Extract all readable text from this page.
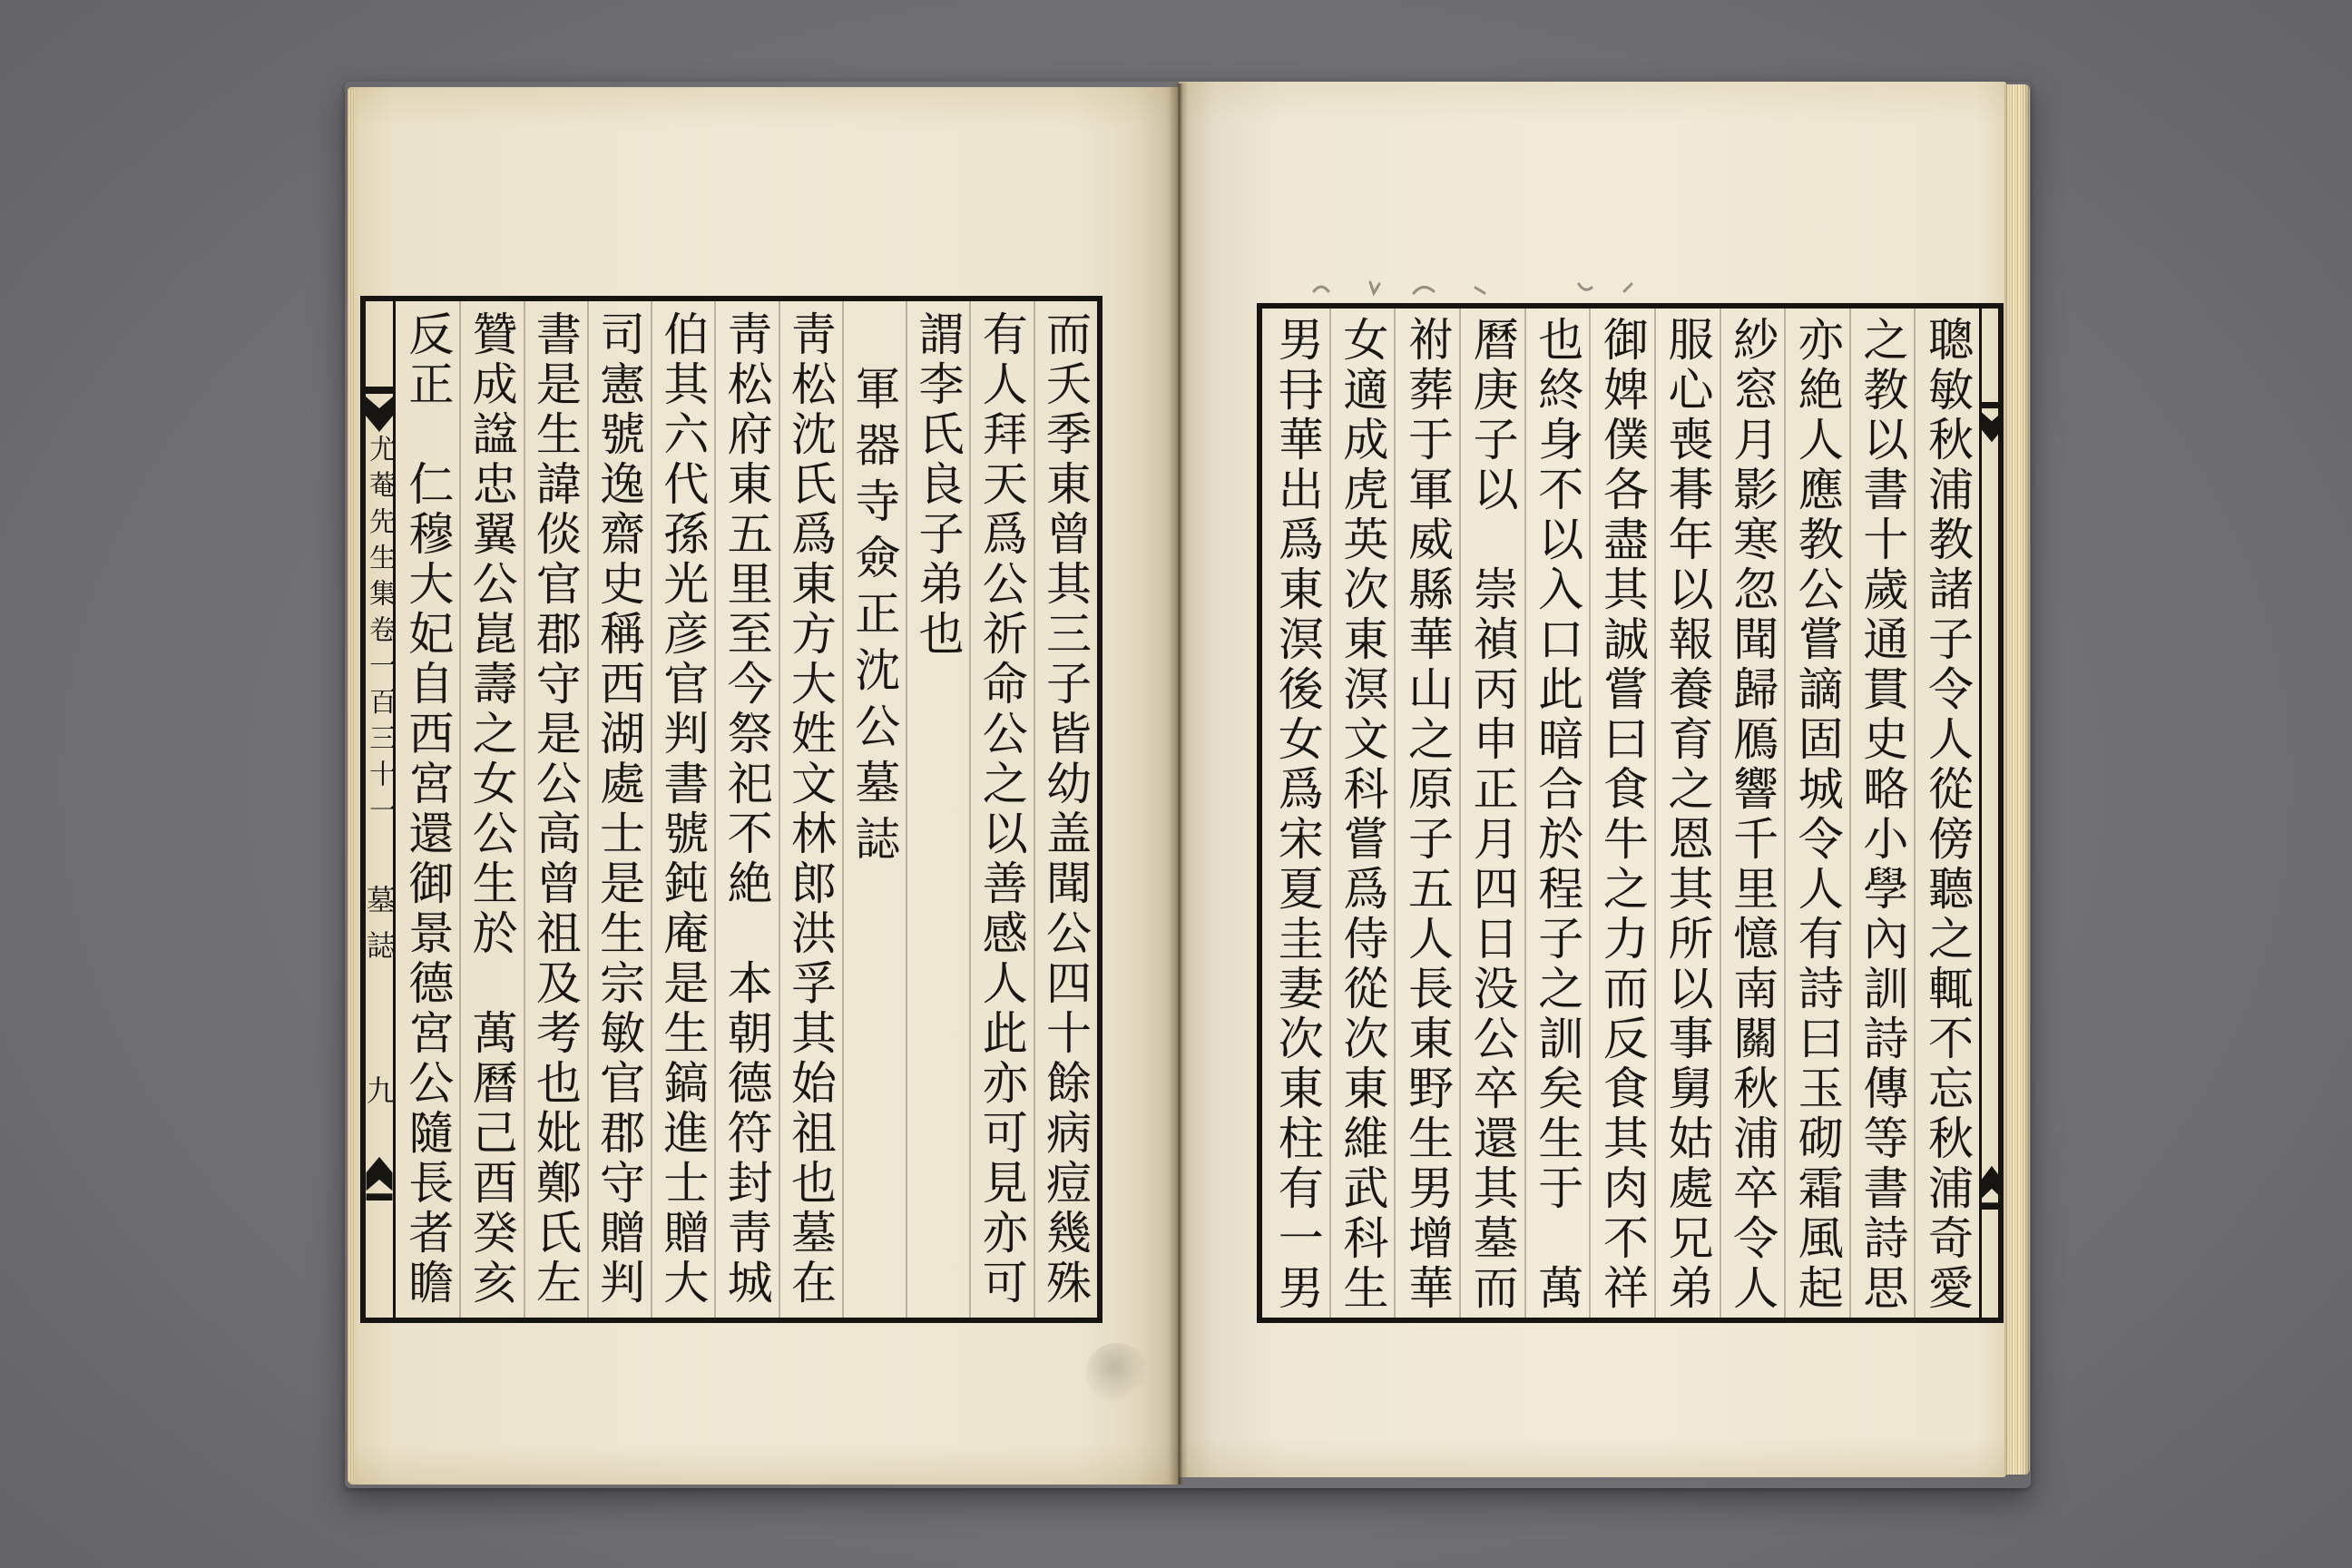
尤菴先生集卷一百三十一
墓誌
九	而夭季東曾其三子皆幼盖聞公四十餘病痘幾殊
有人拜天爲公祈命公之以善感人此亦可見亦可
謂李氏良子弟也
軍器寺僉正沈公墓誌
靑松沈氏爲東方大姓文林郎洪孚其始祖也墓在
靑松府東五里至今祭祀不絶　本朝德符封靑城
伯其六代孫光彦官判書號鈍庵是生鎬進士贈大
司憲號逸齋史稱西湖處士是生宗敏官郡守贈判
書是生諱倓官郡守是公高曾祖及考也妣鄭氏左
贊成諡忠翼公崑壽之女公生於　萬曆己酉癸亥
反正　仁穆大妃自西宮還御景德宮公隨長者瞻	聰敏秋浦教諸子令人從傍聽之輒不忘秋浦奇愛
之教以書十歲通貫史略小學內訓詩傳等書詩思
亦絶人應教公嘗謫固城令人有詩曰玉砌霜風起
紗窓月影寒忽聞歸鴈響千里憶南關秋浦卒令人
服心喪朞年以報養育之恩其所以事舅姑處兄弟
御婢僕各盡其誠嘗曰食牛之力而反食其肉不祥
也終身不以入口此暗合於程子之訓矣生于　萬
曆庚子以　崇禎丙申正月四日没公卒還其墓而
祔葬于軍威縣華山之原子五人長東野生男增華
女適成虎英次東溟文科嘗爲侍從次東維武科生
男冄華出爲東溟後女爲宋夏圭妻次東柱有一男
